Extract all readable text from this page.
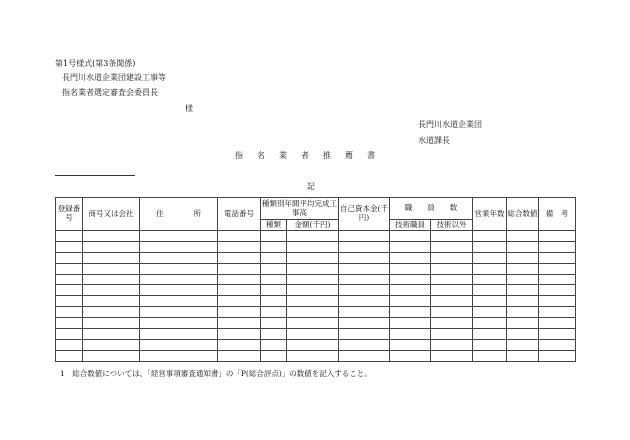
第1号様式(第3条関係)
長門川水道企業団建設工事等
指名業者選定審査会委員長
様
長門川水道企業団
水道課長
指名業者推薦書
記
登録番号	商号又は会社	住　　　　所	電話番号	種類別年間平均完成工事高		自己資本金(千円)	職　　員　　数		営業年数	総合数値	備　考
				種類	金額(千円)		技術職員	技術以外			

1　総合数値については、「経営事項審査通知書」の「P(総合評点)」の数値を記入すること。
